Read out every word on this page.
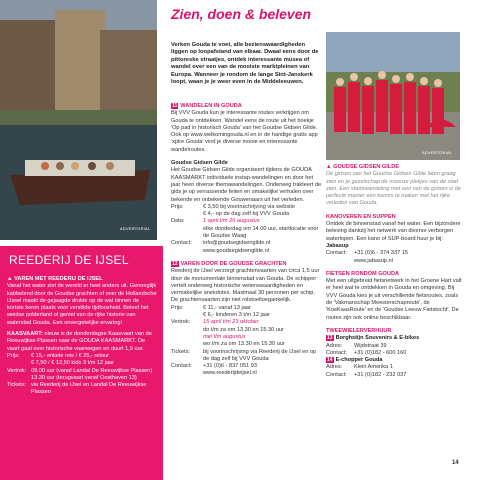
ADVERTORIAL
ADVERTORIAL
REEDERIJ DE IJSEL
▲ VAREN MET REEDERIJ DE IJSEL
Vanaf het water ziet de wereld er heel anders uit. Genoeglijk kabbelend door de Goudse grachten of over de Hollandsche IJssel maakt de gejaagde drukte op de wal binnen de kortste keren plaats voor verstilde tijdloosheid. Beleef het weidse polderland of geniet van de rijke historie van waterstad Gouda. Een onvergetelijke ervaring!
KAASVAART: nieuw is de donderdagse Kaasvaart van de Reeuwijkse Plassen naar de GOUDA KAASMARKT. De vaart gaat over historische vaarwegen en duurt 1,5 uur.
Prijs:	€ 15,- enkele reis / € 25,- retour
€ 7,50 / € 12,50 kids 3 t/m 12 jaar
Vertrek: 09.00 uur (vanaf Landal De Reeuwijkse Plassen)
13.30 uur (terugvaart vanaf Oosthaven 13)
Tickets: via Reederij de IJsel en Landal De Reeuwijkse Plassen
Zien, doen & beleven
Verken Gouda te voet, alle bezienswaardigheden liggen op loopafstand van elkaar. Dwaal eens door de pittoreske straatjes, ontdek interessante musea of wandel over een van de mooiste marktpleinen van Europa. Wanneer je rondom de lange Sint-Janskerk loopt, waan je je weer even in de Middeleeuwen.
11 WANDELEN IN GOUDA
Bij VVV Gouda kun je interessante routes verkrijgen om Gouda te ontdekken. Wandel eens de route uit het boekje 'Op pad in historisch Gouda' van het Goudse Gidsen Gilde. Ook op www.welkomingouda.nl en in de handige gratis app 'xplre Gouda' vind je diverse mooie en interessante wandelroutes.
Goudse Gidsen Gilde
Het Goudse Gidsen Gilde organiseert tijdens de GOUDA KAASMARKT individuele instap-wandelingen en door het jaar heen diverse themawandelingen. Onderweg trakteert de gids je op verrassende feiten en smakelijke verhalen over bekende en onbekende Gouwenaars uit het verleden.
Prijs:	€ 3,50 bij voorinschrijving via website
€ 4,- op de dag zelf bij VVV Gouda
Data:	1 april t/m 26 augustus
elke donderdag om 14.00 uur, startlocatie voor de Goudse Waag
Contact:	info@goudsegidsengilde.nl
www.goudsegidsengilde.nl
12 VAREN DOOR DE GOUDSE GRACHTEN
Reederij de IJsel verzorgt grachtenvaarten van circa 1,5 uur door de monumentale binnenstad van Gouda. De schipper vertelt onderweg historische wetenswaardigheden en vermakelijke anekdotes. Maximaal 30 personen per schip. De grachtenvaarten zijn niet rolstoeltoegankelijk.
Prijs:	€ 11,- vanaf 13 jaar
€ 6,- kinderen 3 t/m 12 jaar
Vertrek:	15 april t/m 23 oktober
do t/m za om 13.30 en 15.30 uur
mei t/m augustus
wo t/m za om 13.30 en 15.30 uur
Tickets:	bij voorinschrijving via Reederij de IJsel en op de dag zelf bij VVV Gouda
Contact:	+31 (0)6 - 837 051 93
www.reederijdeijsel.nl
▲ GOUDSE GIDSEN GILDE
De gidsen van het Goudse Gidsen Gilde laten graag zien en je gezelschap de mooiste plekjes van de stad zien. Een stadswandeling met een van de gidsen is de perfecte manier een kennis te maken met het rijke verleden van Gouda.
KANOVEREN EN SUPPEN
Ontdek de binnenstad vanaf het water. Een bijzondere beleving dankzij het netwerk van diverse verborgen waterlopen. Een kano of SUP-board huur je bij:
Jabasup
Contact:	+31 (0)6 - 374 337 15
www.jabasup.nl
FIETSEN RONDOM GOUDA
Met een uitgebreid fietsnetwerk in het Groene Hart valt er heel wat te ontdekken in Gouda en omgeving. Bij VVV Gouda kies je uit verschillende fietsroutes, zoals de 'Vakmanschap Meesterschaproute', de 'KoeKaasRoute' en de 'Goudse Leeuw Fietstocht'. De routes zijn ook online beschikbaar.
TWEEWIELERVERHUUR
13 Borghstijn Souvenirs & E-bikes
Adres:	Wijdstraat 39
Contact:	+31 (0)182 - 600 160
14 E-chopper Gouda
Adres:	Klein Amerika 1
Contact:	+31 (0)182 - 232 037
14
